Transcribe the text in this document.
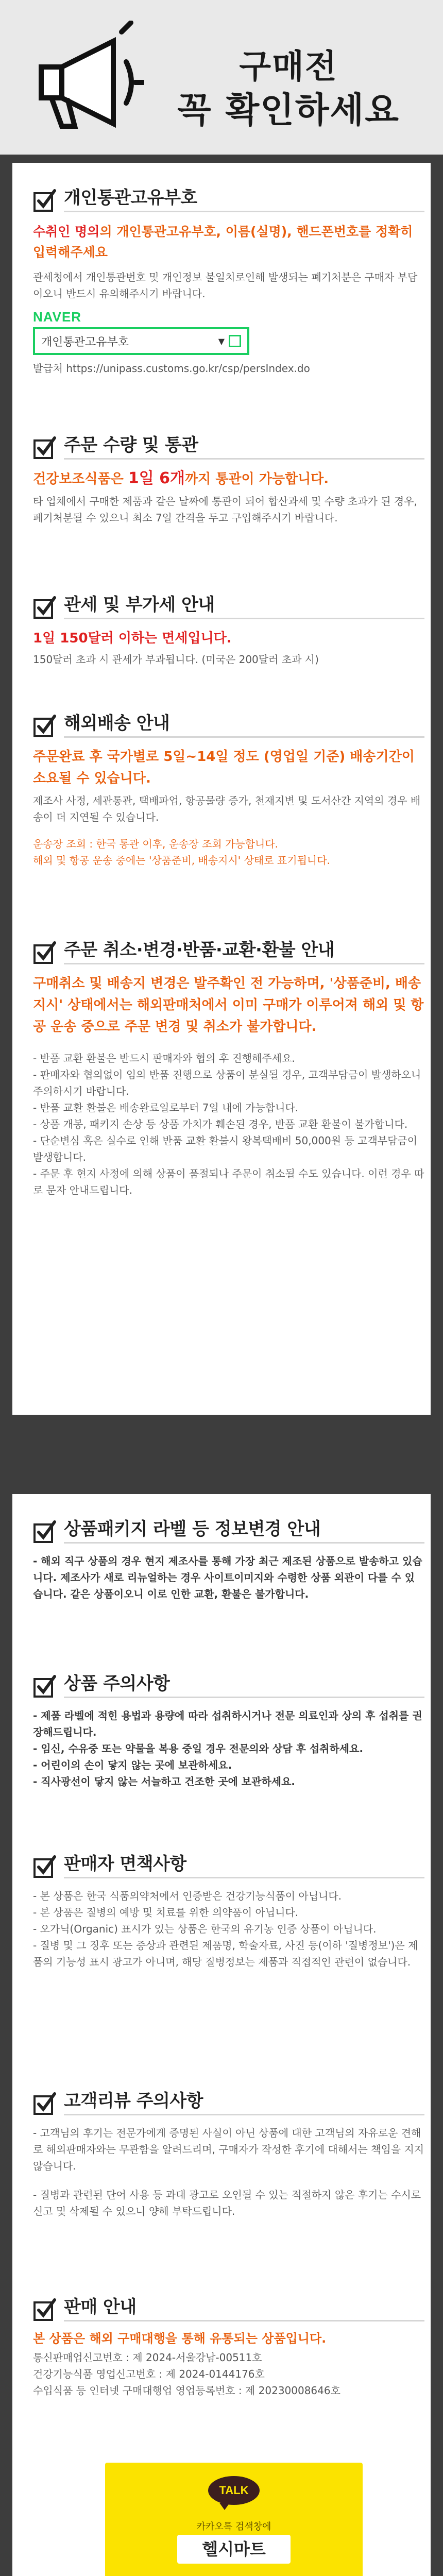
구매전
꼭 확인하세요
개인통관고유부호
수취인 명의의 개인통관고유부호, 이름(실명), 핸드폰번호를 정확히 입력해주세요
관세청에서 개인통관번호 및 개인정보 불일치로인해 발생되는 폐기처분은 구매자 부담이오니 반드시 유의해주시기 바랍니다.
NAVER
개인통관고유부호	▼
발급처 https://unipass.customs.go.kr/csp/persIndex.do
주문 수량 및 통관
건강보조식품은 1일 6개까지 통관이 가능합니다.
타 업체에서 구매한 제품과 같은 날짜에 통관이 되어 합산과세 및 수량 초과가 된 경우, 폐기처분될 수 있으니 최소 7일 간격을 두고 구입해주시기 바랍니다.
관세 및 부가세 안내
1일 150달러 이하는 면세입니다.
150달러 초과 시 관세가 부과됩니다. (미국은 200달러 초과 시)
해외배송 안내
주문완료 후 국가별로 5일~14일 정도 (영업일 기준) 배송기간이 소요될 수 있습니다.
제조사 사정, 세관통관, 택배파업, 항공물량 증가, 천재지변 및 도서산간 지역의 경우 배송이 더 지연될 수 있습니다.
운송장 조회 : 한국 통관 이후, 운송장 조회 가능합니다.
해외 및 항공 운송 중에는 '상품준비, 배송지시' 상태로 표기됩니다.
주문 취소·변경·반품·교환·환불 안내
구매취소 및 배송지 변경은 발주확인 전 가능하며, '상품준비, 배송지시' 상태에서는 해외판매처에서 이미 구매가 이루어져 해외 및 항공 운송 중으로 주문 변경 및 취소가 불가합니다.
- 반품 교환 환불은 반드시 판매자와 협의 후 진행해주세요.
- 판매자와 협의없이 임의 반품 진행으로 상품이 분실될 경우, 고객부담금이 발생하오니 주의하시기 바랍니다.
- 반품 교환 환불은 배송완료일로부터 7일 내에 가능합니다.
- 상품 개봉, 패키지 손상 등 상품 가치가 훼손된 경우, 반품 교환 환불이 불가합니다.
- 단순변심 혹은 실수로 인해 반품 교환 환불시 왕복택배비 50,000원 등 고객부담금이 발생합니다.
- 주문 후 현지 사정에 의해 상품이 품절되나 주문이 취소될 수도 있습니다. 이런 경우 따로 문자 안내드립니다.
상품패키지 라벨 등 정보변경 안내
- 해외 직구 상품의 경우 현지 제조사를 통해 가장 최근 제조된 상품으로 발송하고 있습니다. 제조사가 새로 리뉴얼하는 경우 사이트이미지와 수령한 상품 외관이 다를 수 있습니다. 같은 상품이오니 이로 인한 교환, 환불은 불가합니다.
상품 주의사항
- 제품 라벨에 적힌 용법과 용량에 따라 섭취하시거나 전문 의료인과 상의 후 섭취를 권장해드립니다.
- 임신, 수유중 또는 약물을 복용 중일 경우 전문의와 상담 후 섭취하세요.
- 어린이의 손이 닿지 않는 곳에 보관하세요.
- 직사광선이 닿지 않는 서늘하고 건조한 곳에 보관하세요.
판매자 면책사항
- 본 상품은 한국 식품의약처에서 인증받은 건강기능식품이 아닙니다.
- 본 상품은 질병의 예방 및 치료를 위한 의약품이 아닙니다.
- 오가닉(Organic) 표시가 있는 상품은 한국의 유기농 인증 상품이 아닙니다.
- 질병 및 그 징후 또는 증상과 관련된 제품명, 학술자료, 사진 등(이하 '질병정보')은 제품의 기능성 표시 광고가 아니며, 해당 질병정보는 제품과 직접적인 관련이 없습니다.
고객리뷰 주의사항
- 고객님의 후기는 전문가에게 증명된 사실이 아닌 상품에 대한 고객님의 자유로운 견해로 해외판매자와는 무관함을 알려드리며, 구매자가 작성한 후기에 대해서는 책임을 지지 않습니다.
- 질병과 관련된 단어 사용 등 과대 광고로 오인될 수 있는 적절하지 않은 후기는 수시로 신고 및 삭제될 수 있으니 양해 부탁드립니다.
판매 안내
본 상품은 해외 구매대행을 통해 유통되는 상품입니다.
통신판매업신고번호 : 제 2024-서울강남-00511호
건강기능식품 영업신고번호 : 제 2024-0144176호
수입식품 등 인터넷 구매대행업 영업등록번호 : 제 20230008646호
TALK
카카오톡 검색창에
헬시마트
